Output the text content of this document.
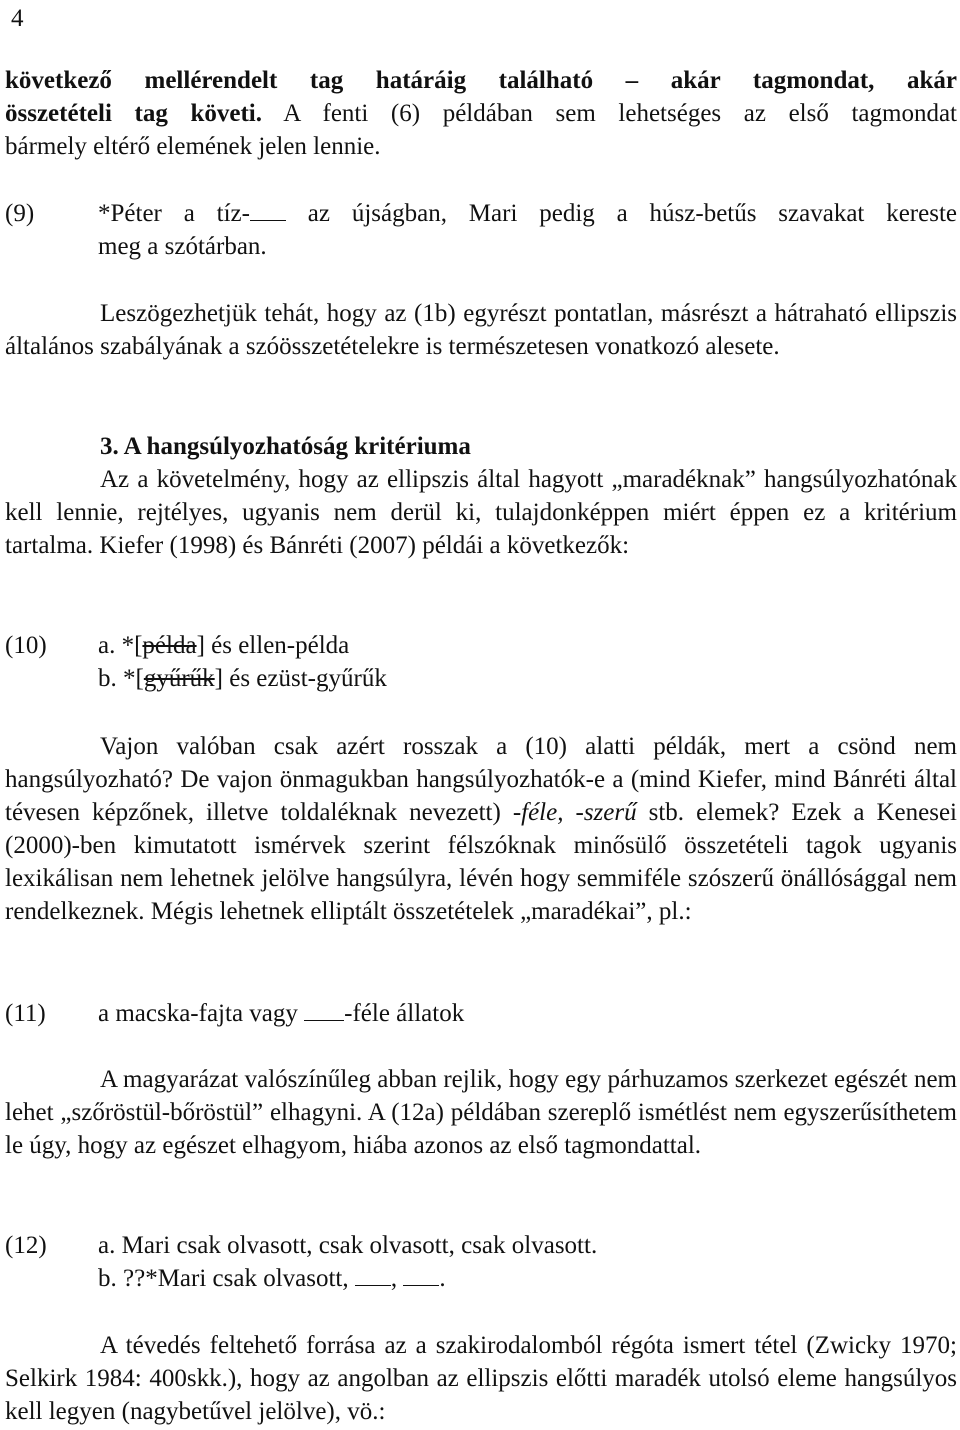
4
következő mellérendelt tag határáig található – akár tagmondat, akár
összetételi tag követi. A fenti (6) példában sem lehetséges az első tagmondat
bármely eltérő elemének jelen lennie.
(9)	*Péter a tíz- az újságban, Mari pedig a húsz-betűs szavakat kereste
meg a szótárban.
Leszögezhetjük tehát, hogy az (1b) egyrészt pontatlan, másrészt a hátraható ellipszis általános szabályának a szóösszetételekre is természetesen vonatkozó alesete.
3. A hangsúlyozhatóság kritériuma
Az a követelmény, hogy az ellipszis által hagyott „maradéknak” hangsúlyozhatónak kell lennie, rejtélyes, ugyanis nem derül ki, tulajdonképpen miért éppen ez a kritérium tartalma. Kiefer (1998) és Bánréti (2007) példái a következők:
(10) a. *[példa] és ellen-példa
b. *[gyűrűk] és ezüst-gyűrűk
Vajon valóban csak azért rosszak a (10) alatti példák, mert a csönd nem hangsúlyozható? De vajon önmagukban hangsúlyozhatók-e a (mind Kiefer, mind Bánréti által tévesen képzőnek, illetve toldaléknak nevezett) -féle, -szerű stb. elemek? Ezek a Kenesei (2000)-ben kimutatott ismérvek szerint félszóknak minősülő összetételi tagok ugyanis lexikálisan nem lehetnek jelölve hangsúlyra, lévén hogy semmiféle szószerű önállósággal nem rendelkeznek. Mégis lehetnek elliptált összetételek „maradékai”, pl.:
(11) a macska-fajta vagy -féle állatok
A magyarázat valószínűleg abban rejlik, hogy egy párhuzamos szerkezet egészét nem lehet „szőröstül-bőröstül” elhagyni. A (12a) példában szereplő ismétlést nem egyszerűsíthetem le úgy, hogy az egészet elhagyom, hiába azonos az első tagmondattal.
(12) a. Mari csak olvasott, csak olvasott, csak olvasott.
b. ??*Mari csak olvasott, , .
A tévedés feltehető forrása az a szakirodalomból régóta ismert tétel (Zwicky 1970; Selkirk 1984: 400skk.), hogy az angolban az ellipszis előtti maradék utolsó eleme hangsúlyos kell legyen (nagybetűvel jelölve), vö.:
